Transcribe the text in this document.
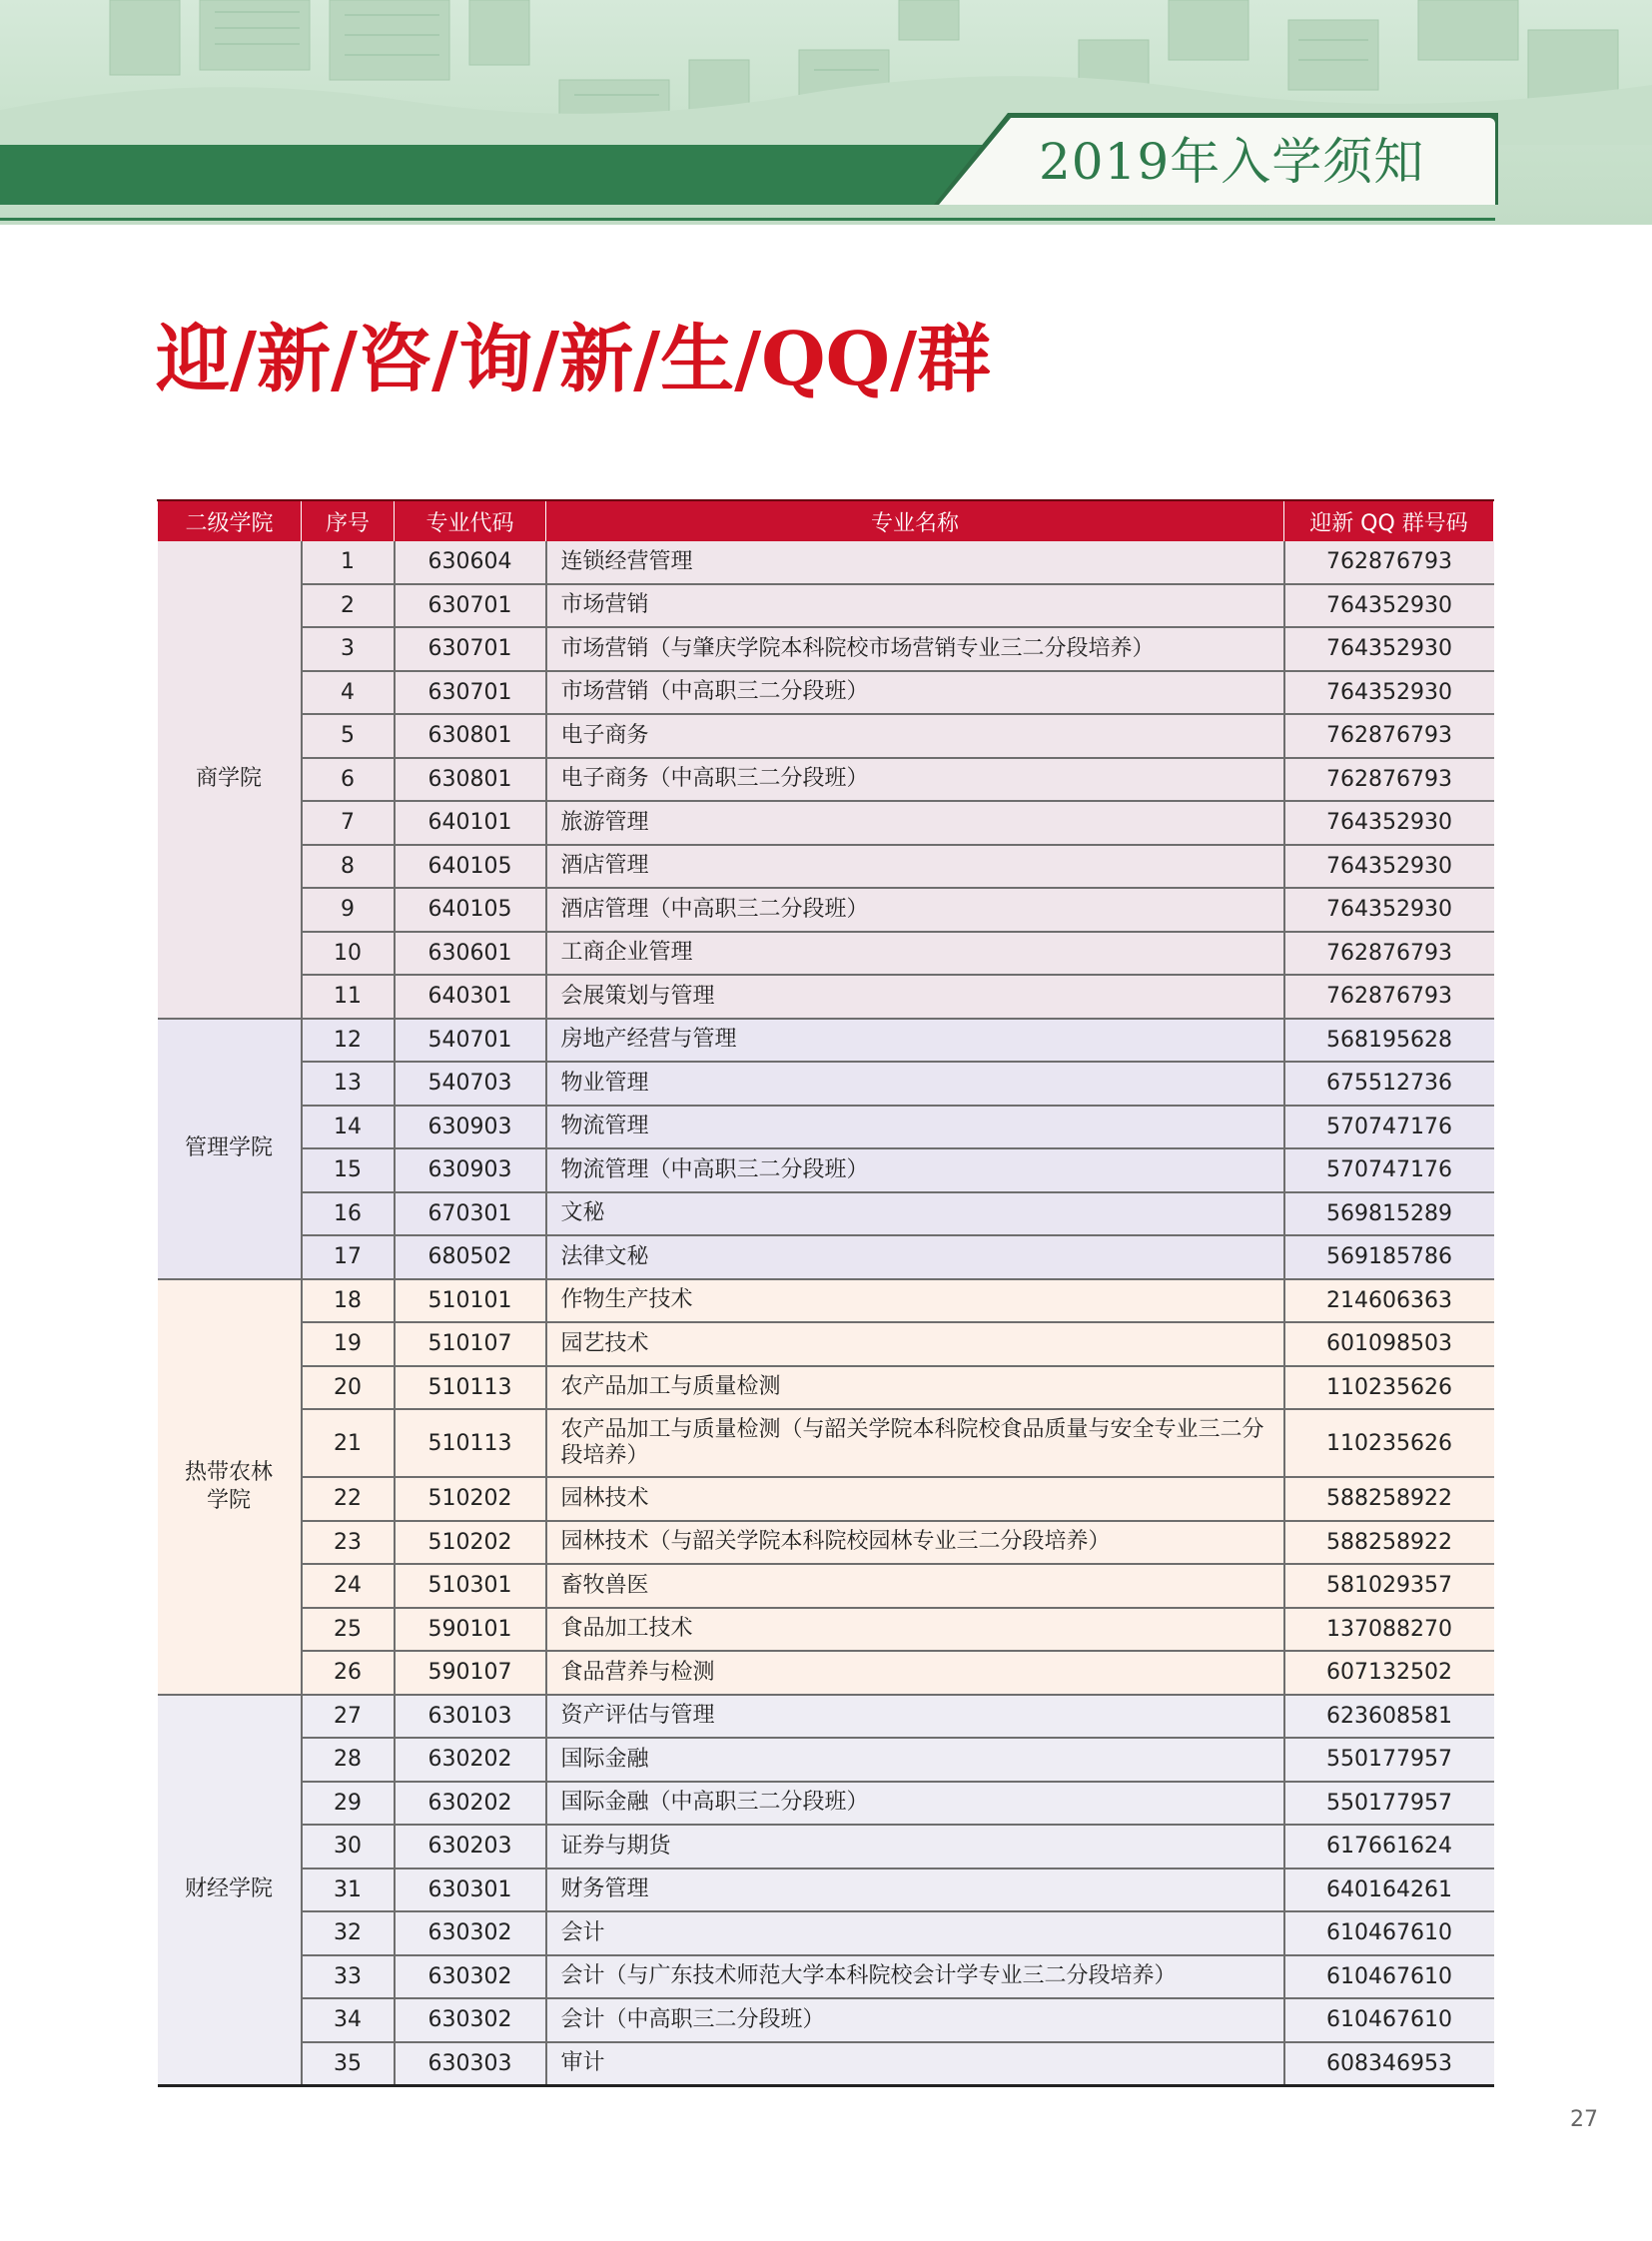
2019年入学须知
迎/新/咨/询/新/生/QQ/群
二级学院	序号	专业代码	专业名称	迎新 QQ 群号码
商学院	1	630604	连锁经营管理	762876793
	2	630701	市场营销	764352930
	3	630701	市场营销（与肇庆学院本科院校市场营销专业三二分段培养）	764352930
	4	630701	市场营销（中高职三二分段班）	764352930
	5	630801	电子商务	762876793
	6	630801	电子商务（中高职三二分段班）	762876793
	7	640101	旅游管理	764352930
	8	640105	酒店管理	764352930
	9	640105	酒店管理（中高职三二分段班）	764352930
	10	630601	工商企业管理	762876793
	11	640301	会展策划与管理	762876793
管理学院	12	540701	房地产经营与管理	568195628
	13	540703	物业管理	675512736
	14	630903	物流管理	570747176
	15	630903	物流管理（中高职三二分段班）	570747176
	16	670301	文秘	569815289
	17	680502	法律文秘	569185786
热带农林
学院	18	510101	作物生产技术	214606363
	19	510107	园艺技术	601098503
	20	510113	农产品加工与质量检测	110235626
	21	510113	农产品加工与质量检测（与韶关学院本科院校食品质量与安全专业三二分段培养）	110235626
	22	510202	园林技术	588258922
	23	510202	园林技术（与韶关学院本科院校园林专业三二分段培养）	588258922
	24	510301	畜牧兽医	581029357
	25	590101	食品加工技术	137088270
	26	590107	食品营养与检测	607132502
财经学院	27	630103	资产评估与管理	623608581
	28	630202	国际金融	550177957
	29	630202	国际金融（中高职三二分段班）	550177957
	30	630203	证券与期货	617661624
	31	630301	财务管理	640164261
	32	630302	会计	610467610
	33	630302	会计（与广东技术师范大学本科院校会计学专业三二分段培养）	610467610
	34	630302	会计（中高职三二分段班）	610467610
	35	630303	审计	608346953
27
